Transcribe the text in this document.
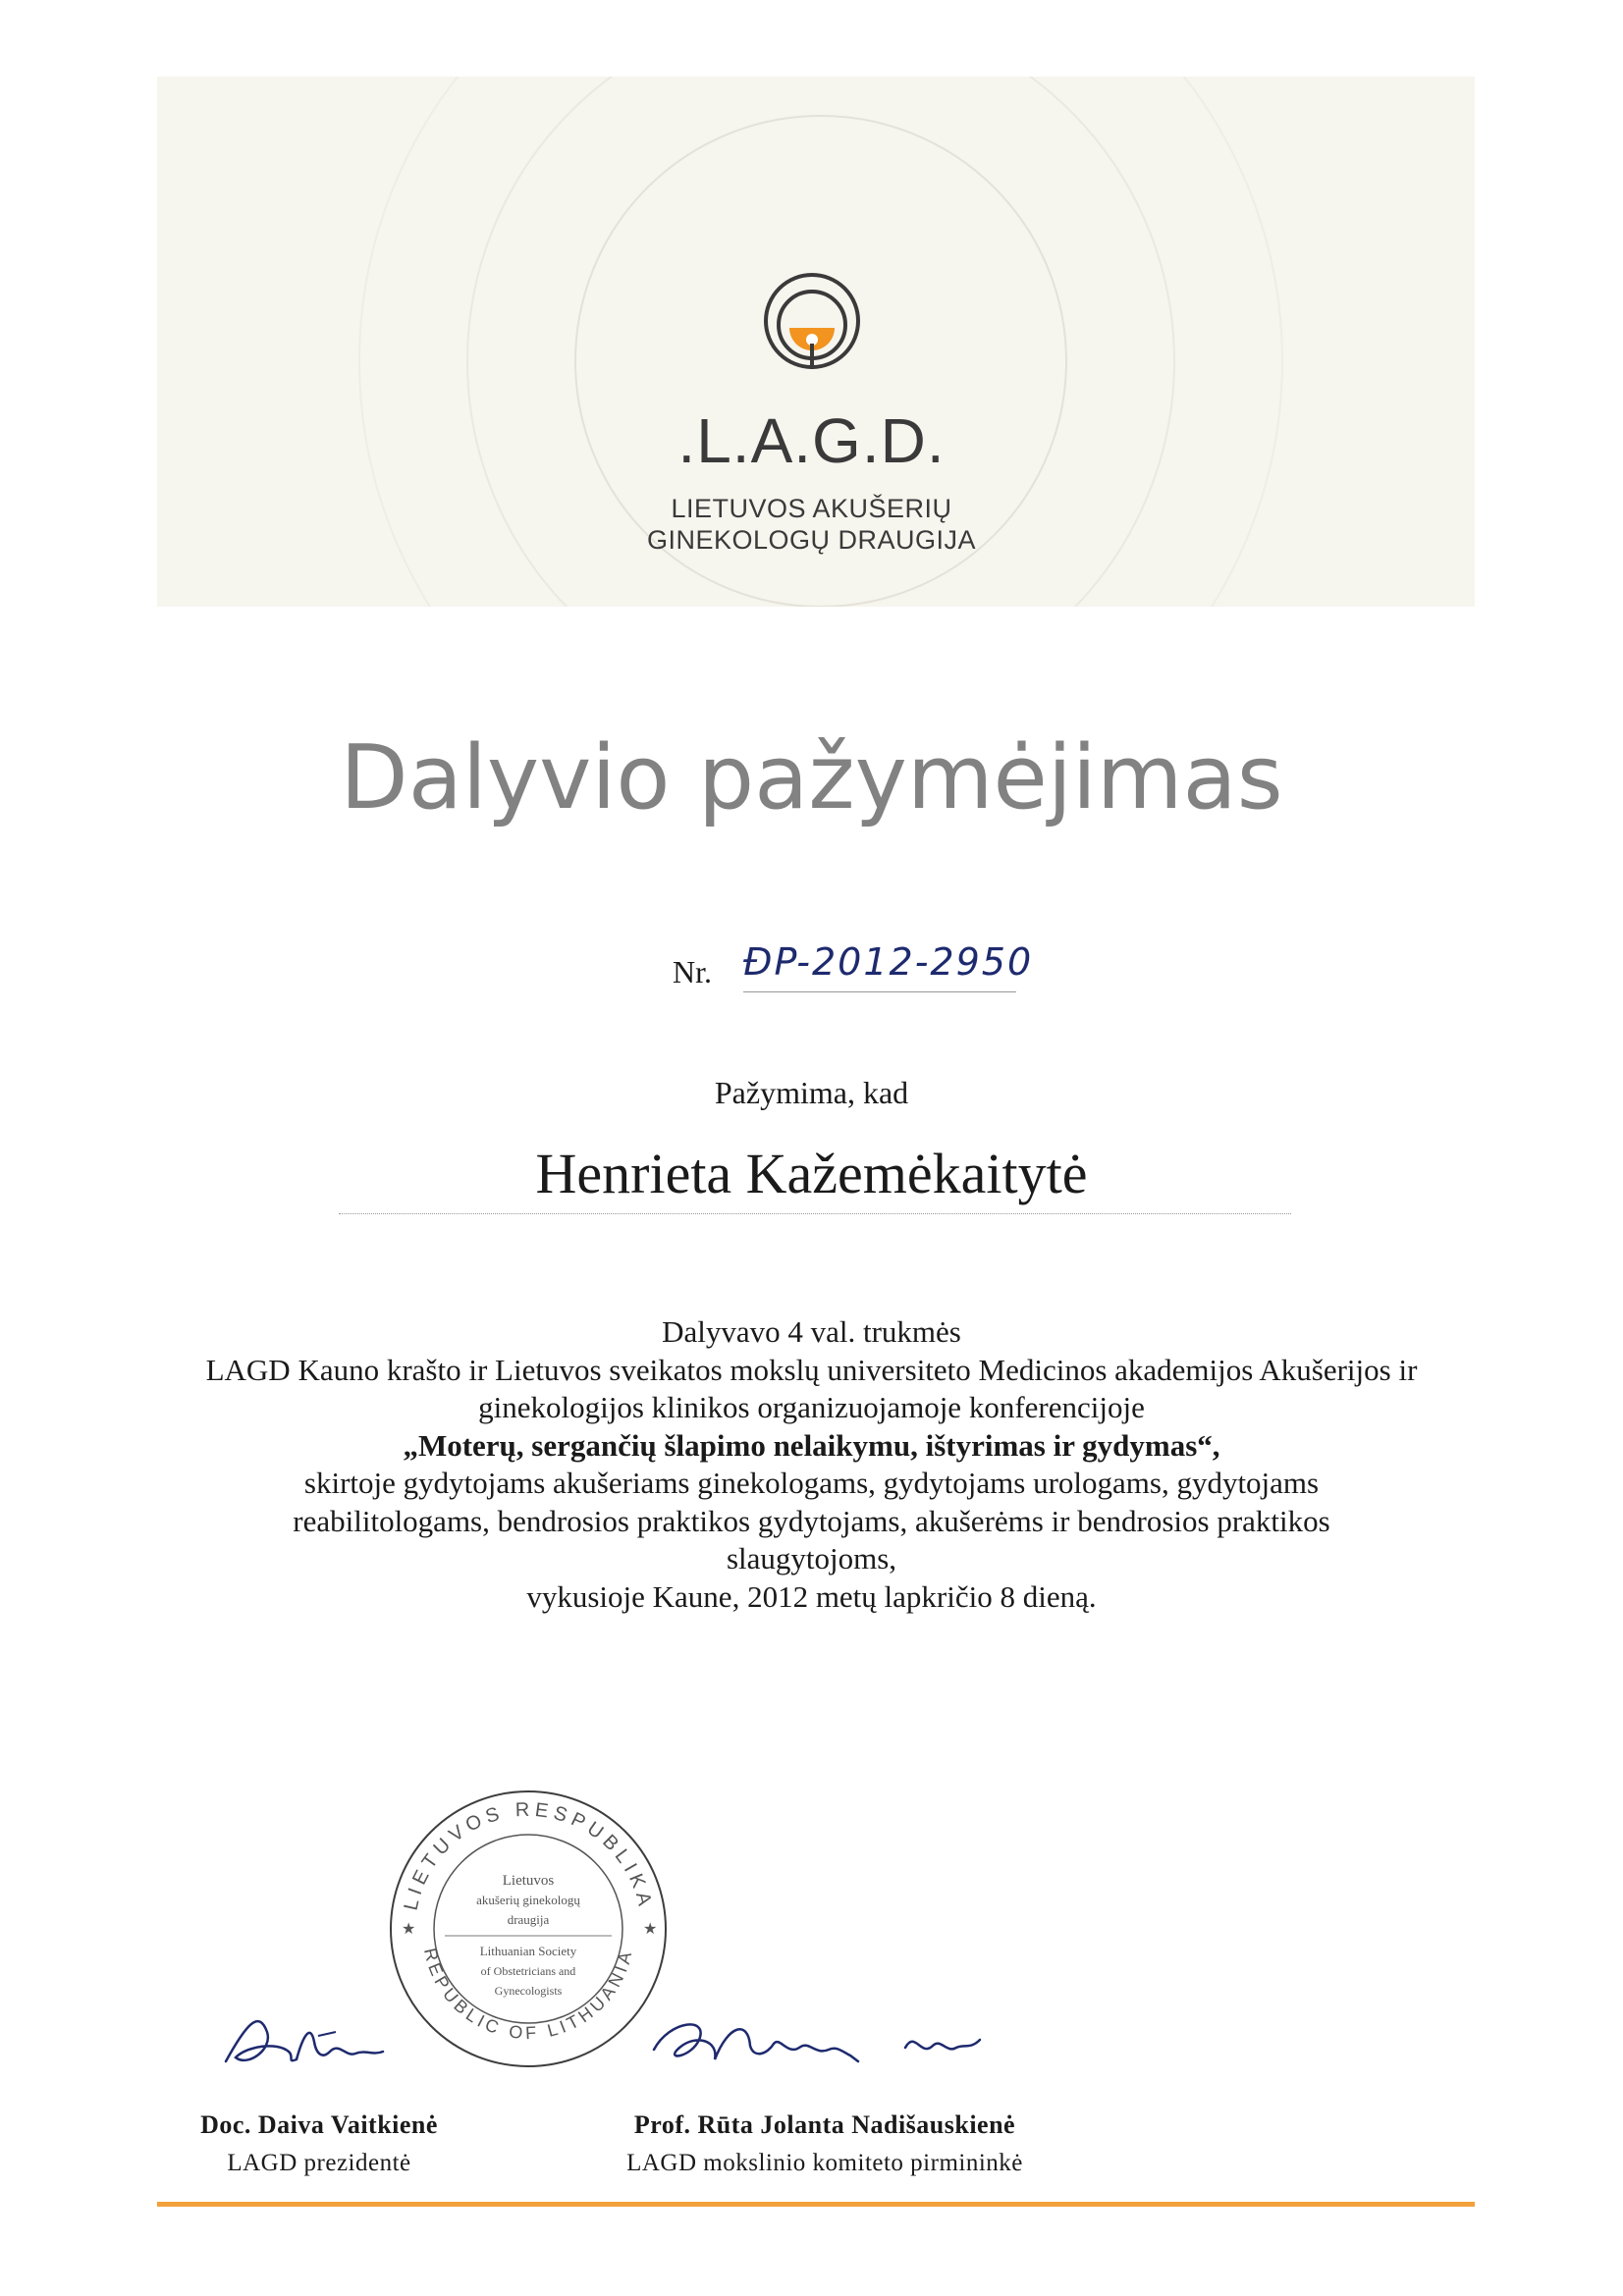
.L.A.G.D.
LIETUVOS AKUŠERIŲ
GINEKOLOGŲ DRAUGIJA
Dalyvio pažymėjimas
Nr. ĐP-2012-2950
Pažymima, kad
Henrieta Kažemėkaitytė

Dalyvavo 4 val. trukmės

LAGD Kauno krašto ir Lietuvos sveikatos mokslų universiteto Medicinos akademijos Akušerijos ir

ginekologijos klinikos organizuojamoje konferencijoje

„Moterų, sergančių šlapimo nelaikymu, ištyrimas ir gydymas“,

skirtoje gydytojams akušeriams ginekologams, gydytojams urologams, gydytojams

reabilitologams, bendrosios praktikos gydytojams, akušerėms ir bendrosios praktikos

slaugytojoms,

vykusioje Kaune, 2012 metų lapkričio 8 dieną.

LIETUVOS RESPUBLIKA
REPUBLIC OF LITHUANIA
★	★
Lietuvos
akušerių ginekologų
draugija
Lithuanian Society
of Obstetricians and
Gynecologists
Doc. Daiva Vaitkienė
LAGD prezidentė
Prof. Rūta Jolanta Nadišauskienė
LAGD mokslinio komiteto pirmininkė
